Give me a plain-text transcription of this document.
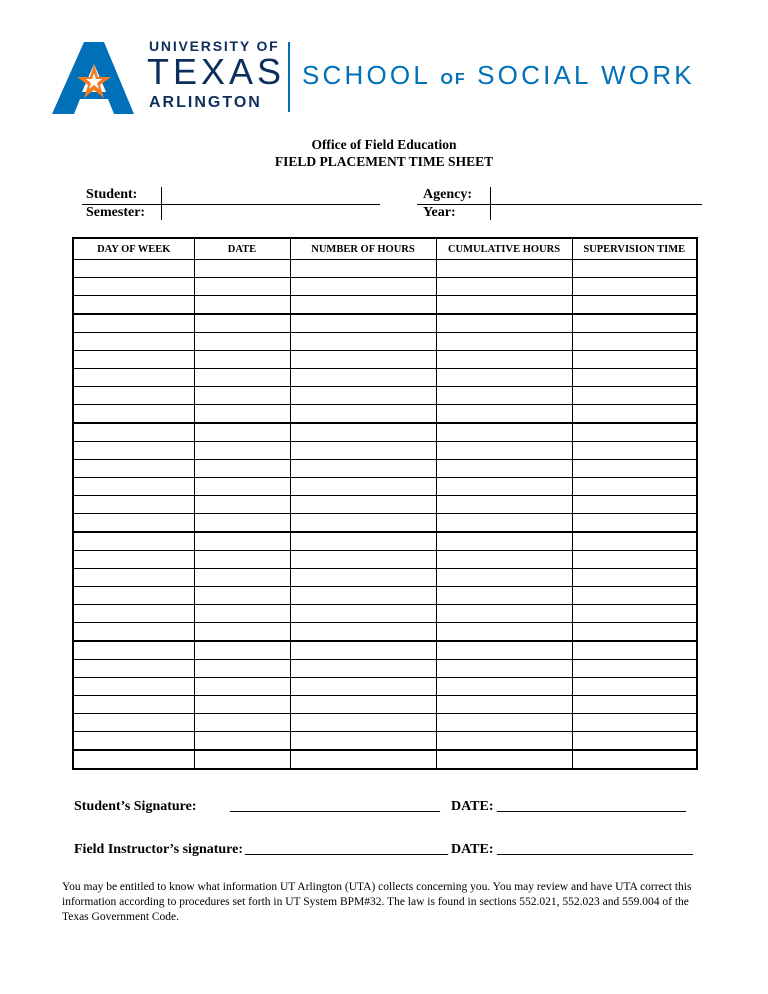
UNIVERSITY OF
TEXAS
ARLINGTON
SCHOOL OF SOCIAL WORK
Office of Field Education
FIELD PLACEMENT TIME SHEET
Student:
Semester:
Agency:
Year:
DAY OF WEEK	DATE	NUMBER OF HOURS	CUMULATIVE HOURS	SUPERVISION TIME

Student’s Signature: ______________________________ DATE: ___________________________
Field Instructor’s signature: _____________________________ DATE: ____________________________
You may be entitled to know what information UT Arlington (UTA) collects concerning you. You may review and have UTA correct this information according to procedures set forth in UT System BPM#32. The law is found in sections 552.021, 552.023 and 559.004 of the Texas Government Code.
